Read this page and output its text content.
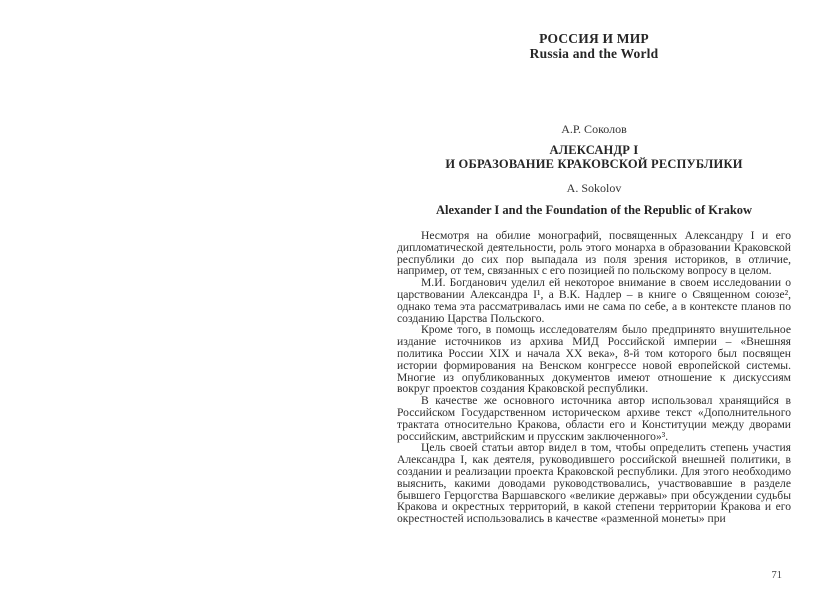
РОССИЯ И МИР
Russia and the World
А.Р. Соколов
АЛЕКСАНДР I
И ОБРАЗОВАНИЕ КРАКОВСКОЙ РЕСПУБЛИКИ
A. Sokolov
Alexander I and the Foundation of the Republic of Krakow

Несмотря на обилие монографий, посвященных Александру I и его дипломатической деятельности, роль этого монарха в образовании Краковской республики до сих пор выпадала из поля зрения историков, в отличие, например, от тем, связанных с его позицией по польскому вопросу в целом.

М.И. Богданович уделил ей некоторое внимание в своем исследовании о царствовании Александра I¹, а В.К. Надлер – в книге о Священном союзе², однако тема эта рассматривалась ими не сама по себе, а в контексте планов по созданию Царства Польского.

Кроме того, в помощь исследователям было предпринято внушительное издание источников из архива МИД Российской империи – «Внешняя политика России XIX и начала XX века», 8-й том которого был посвящен истории формирования на Венском конгрессе новой европейской системы. Многие из опубликованных документов имеют отношение к дискуссиям вокруг проектов создания Краковской республики.

В качестве же основного источника автор использовал хранящийся в Российском Государственном историческом архиве текст «Дополнительного трактата относительно Кракова, области его и Конституции между дворами российским, австрийским и прусским заключенного»³.

Цель своей статьи автор видел в том, чтобы определить степень участия Александра I, как деятеля, руководившего российской внешней политики, в создании и реализации проекта Краковской республики. Для этого необходимо выяснить, какими доводами руководствовались, участвовавшие в разделе бывшего Герцогства Варшавского «великие державы» при обсуждении судьбы Кракова и окрестных территорий, в какой степени территории Кракова и его окрестностей использовались в качестве «разменной монеты» при

71
